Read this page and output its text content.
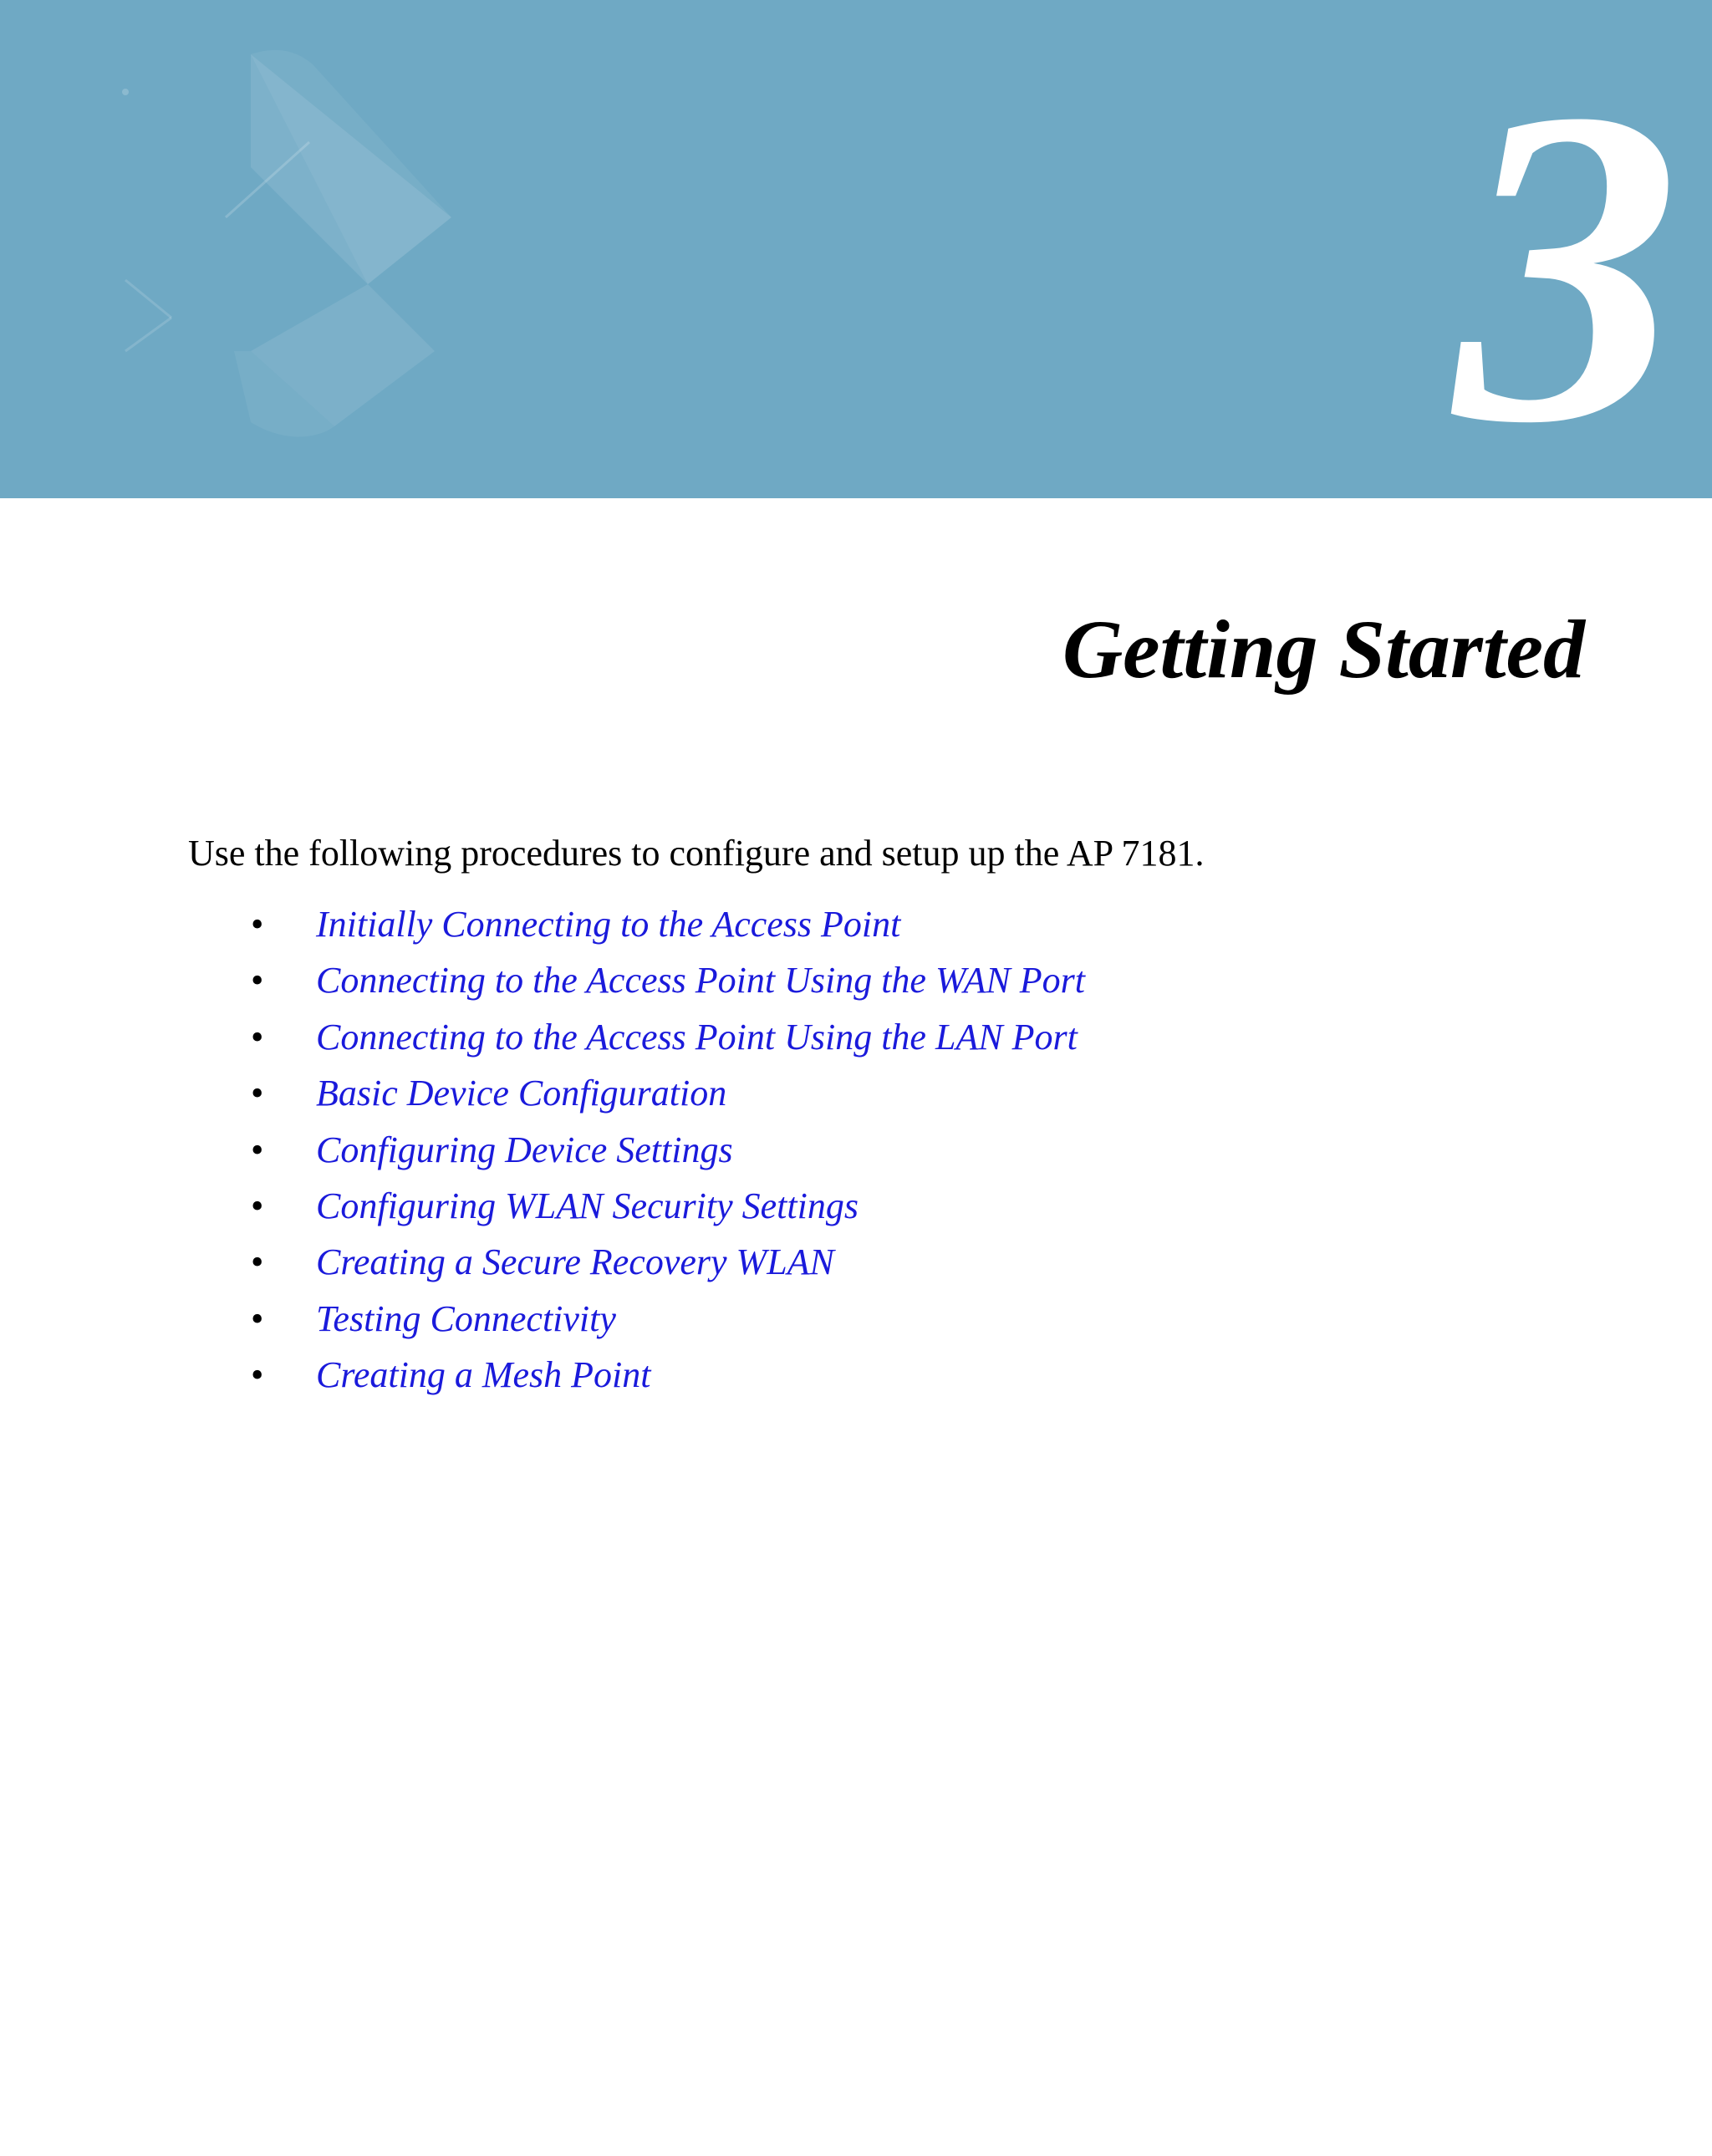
3
Getting Started

Use the following procedures to configure and setup up the AP 7181.

• Initially Connecting to the Access Point
• Connecting to the Access Point Using the WAN Port
• Connecting to the Access Point Using the LAN Port
• Basic Device Configuration
• Configuring Device Settings
• Configuring WLAN Security Settings
• Creating a Secure Recovery WLAN
• Testing Connectivity
• Creating a Mesh Point
